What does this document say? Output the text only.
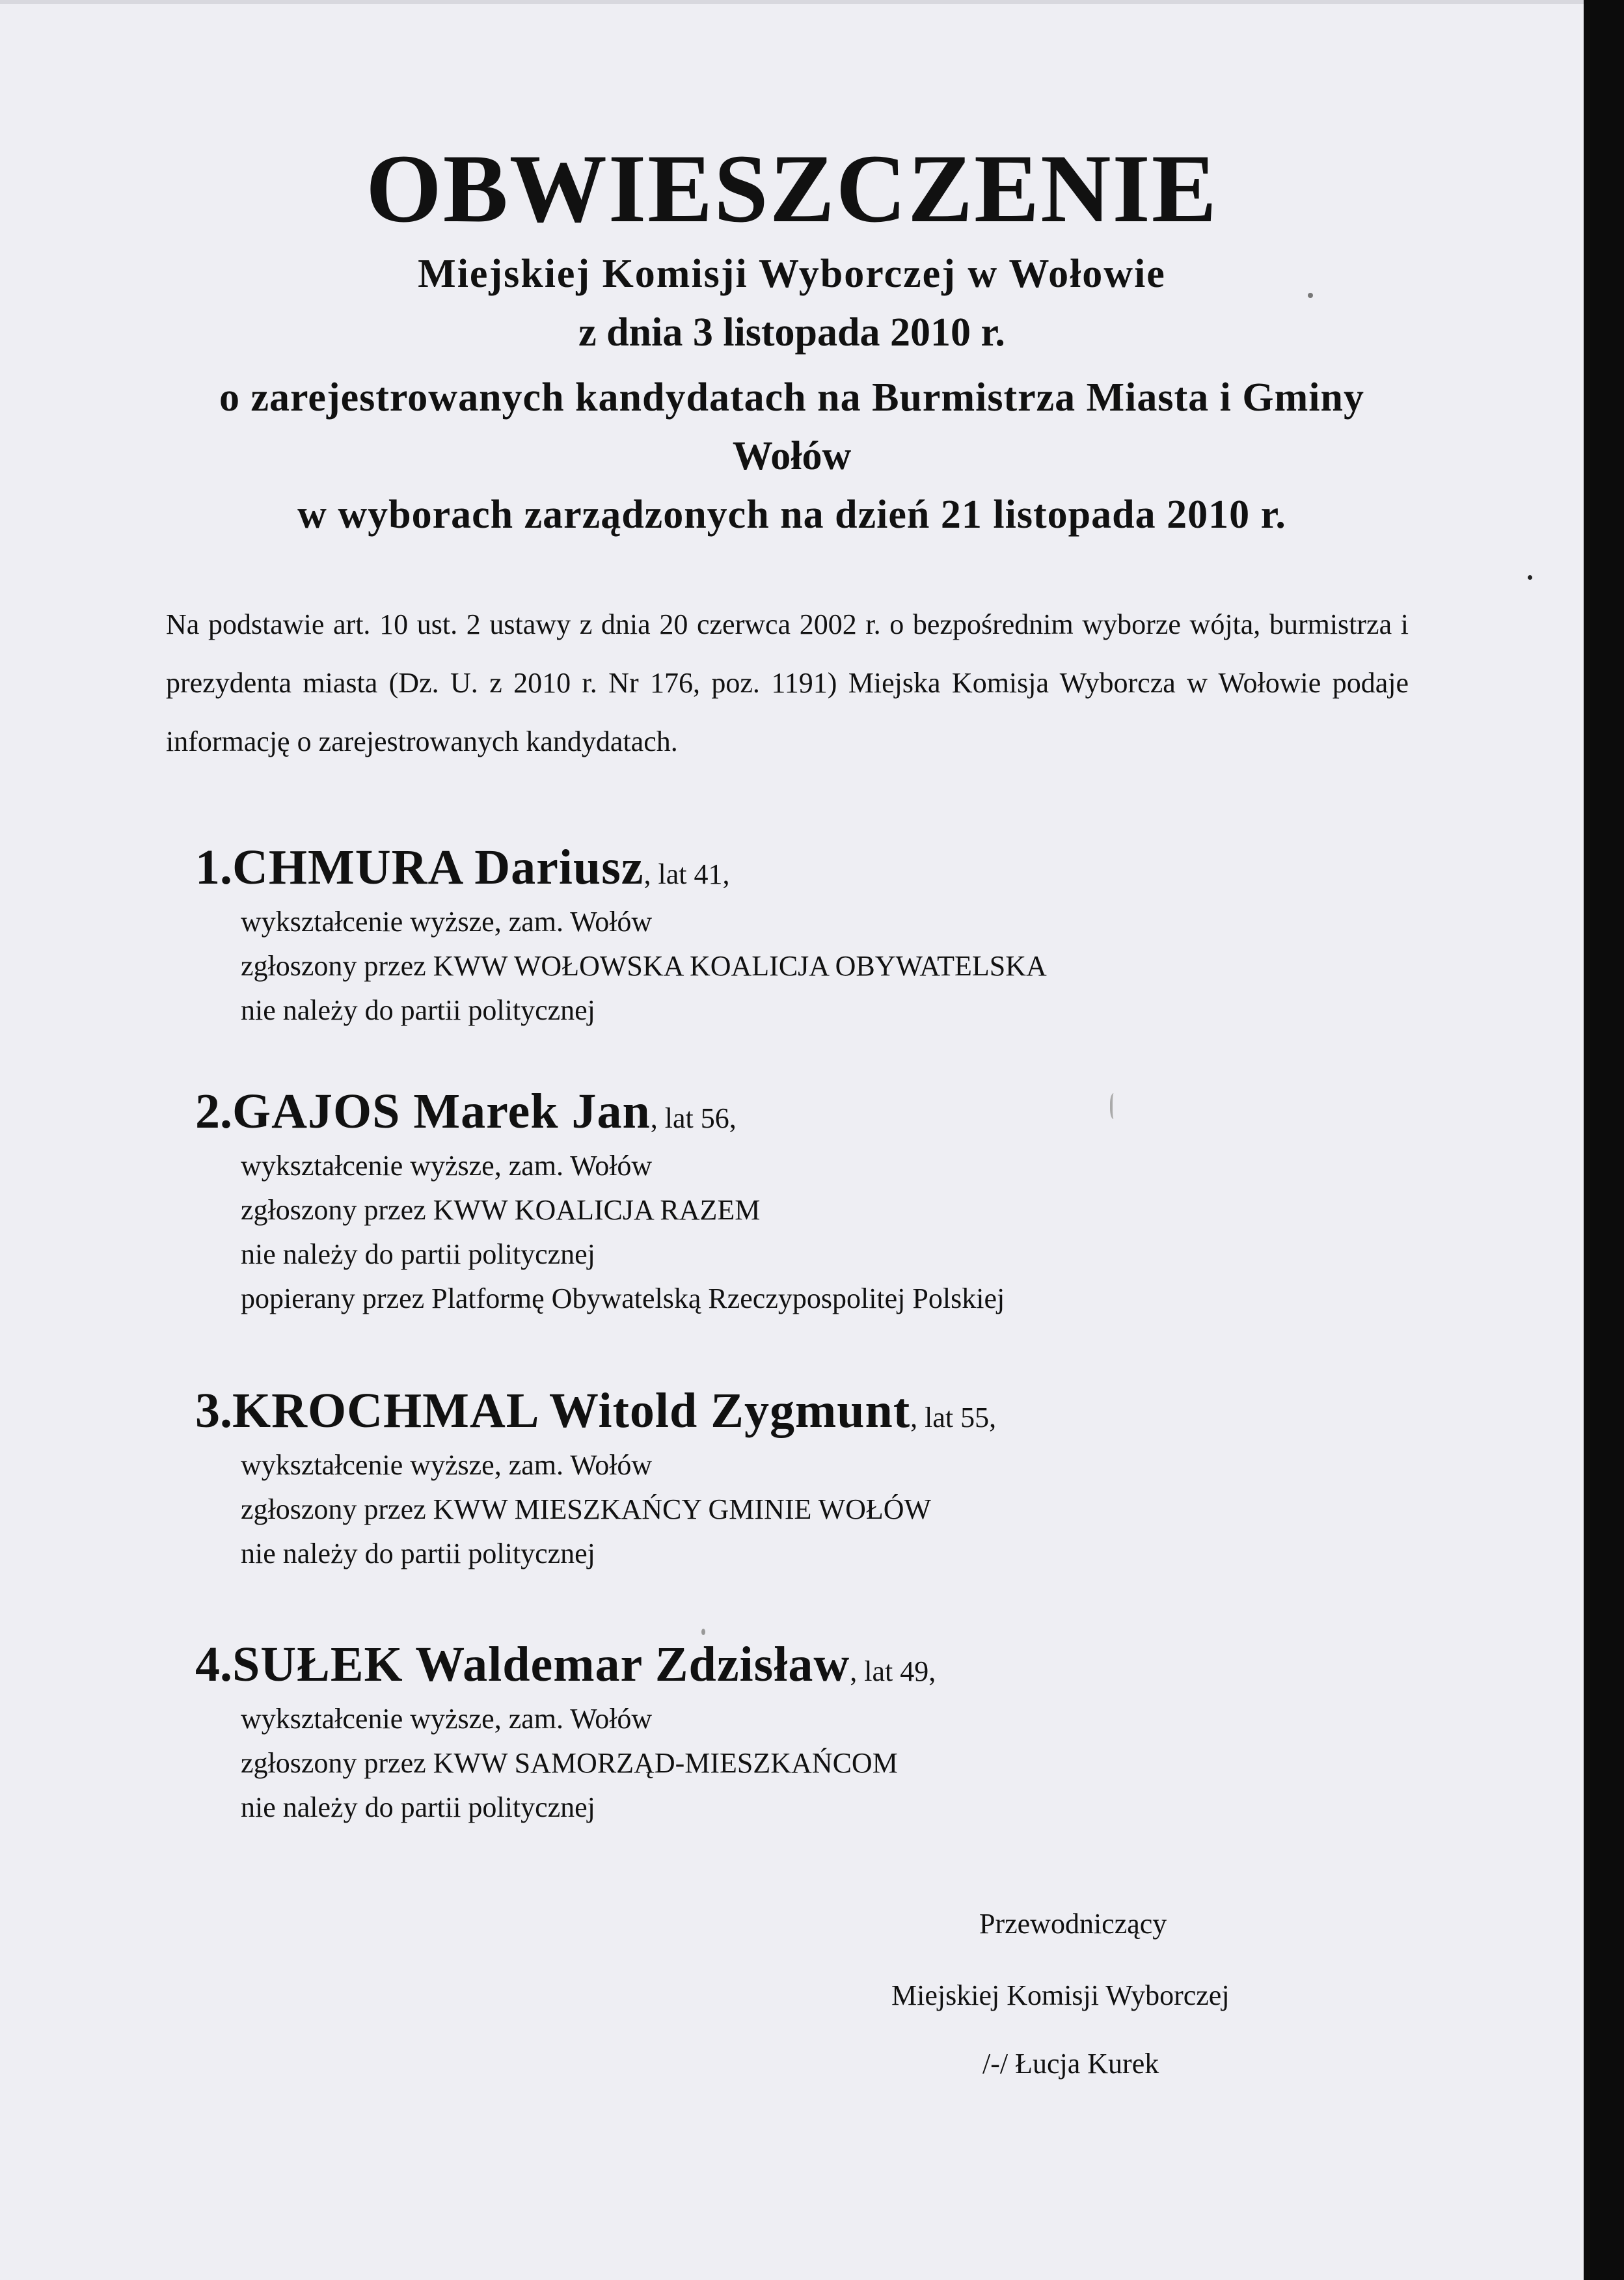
OBWIESZCZENIE
Miejskiej Komisji Wyborczej w Wołowie
z dnia 3 listopada 2010 r.
o zarejestrowanych kandydatach na Burmistrza Miasta i Gminy
Wołów
w wyborach zarządzonych na dzień 21 listopada 2010 r.

Na podstawie art. 10 ust. 2 ustawy z dnia 20 czerwca 2002 r. o bezpośrednim wyborze wójta, burmistrza i prezydenta miasta (Dz. U. z 2010 r. Nr 176, poz. 1191) Miejska Komisja Wyborcza w Wołowie podaje informację o zarejestrowanych kandydatach.

1.CHMURA Dariusz, lat 41,
wykształcenie wyższe, zam. Wołów
zgłoszony przez KWW WOŁOWSKA KOALICJA OBYWATELSKA
nie należy do partii politycznej
2.GAJOS Marek Jan, lat 56,
wykształcenie wyższe, zam. Wołów
zgłoszony przez KWW KOALICJA RAZEM
nie należy do partii politycznej
popierany przez Platformę Obywatelską Rzeczypospolitej Polskiej
3.KROCHMAL Witold Zygmunt, lat 55,
wykształcenie wyższe, zam. Wołów
zgłoszony przez KWW MIESZKAŃCY GMINIE WOŁÓW
nie należy do partii politycznej
4.SUŁEK Waldemar Zdzisław, lat 49,
wykształcenie wyższe, zam. Wołów
zgłoszony przez KWW SAMORZĄD-MIESZKAŃCOM
nie należy do partii politycznej
Przewodniczący
Miejskiej Komisji Wyborczej
/-/ Łucja Kurek
